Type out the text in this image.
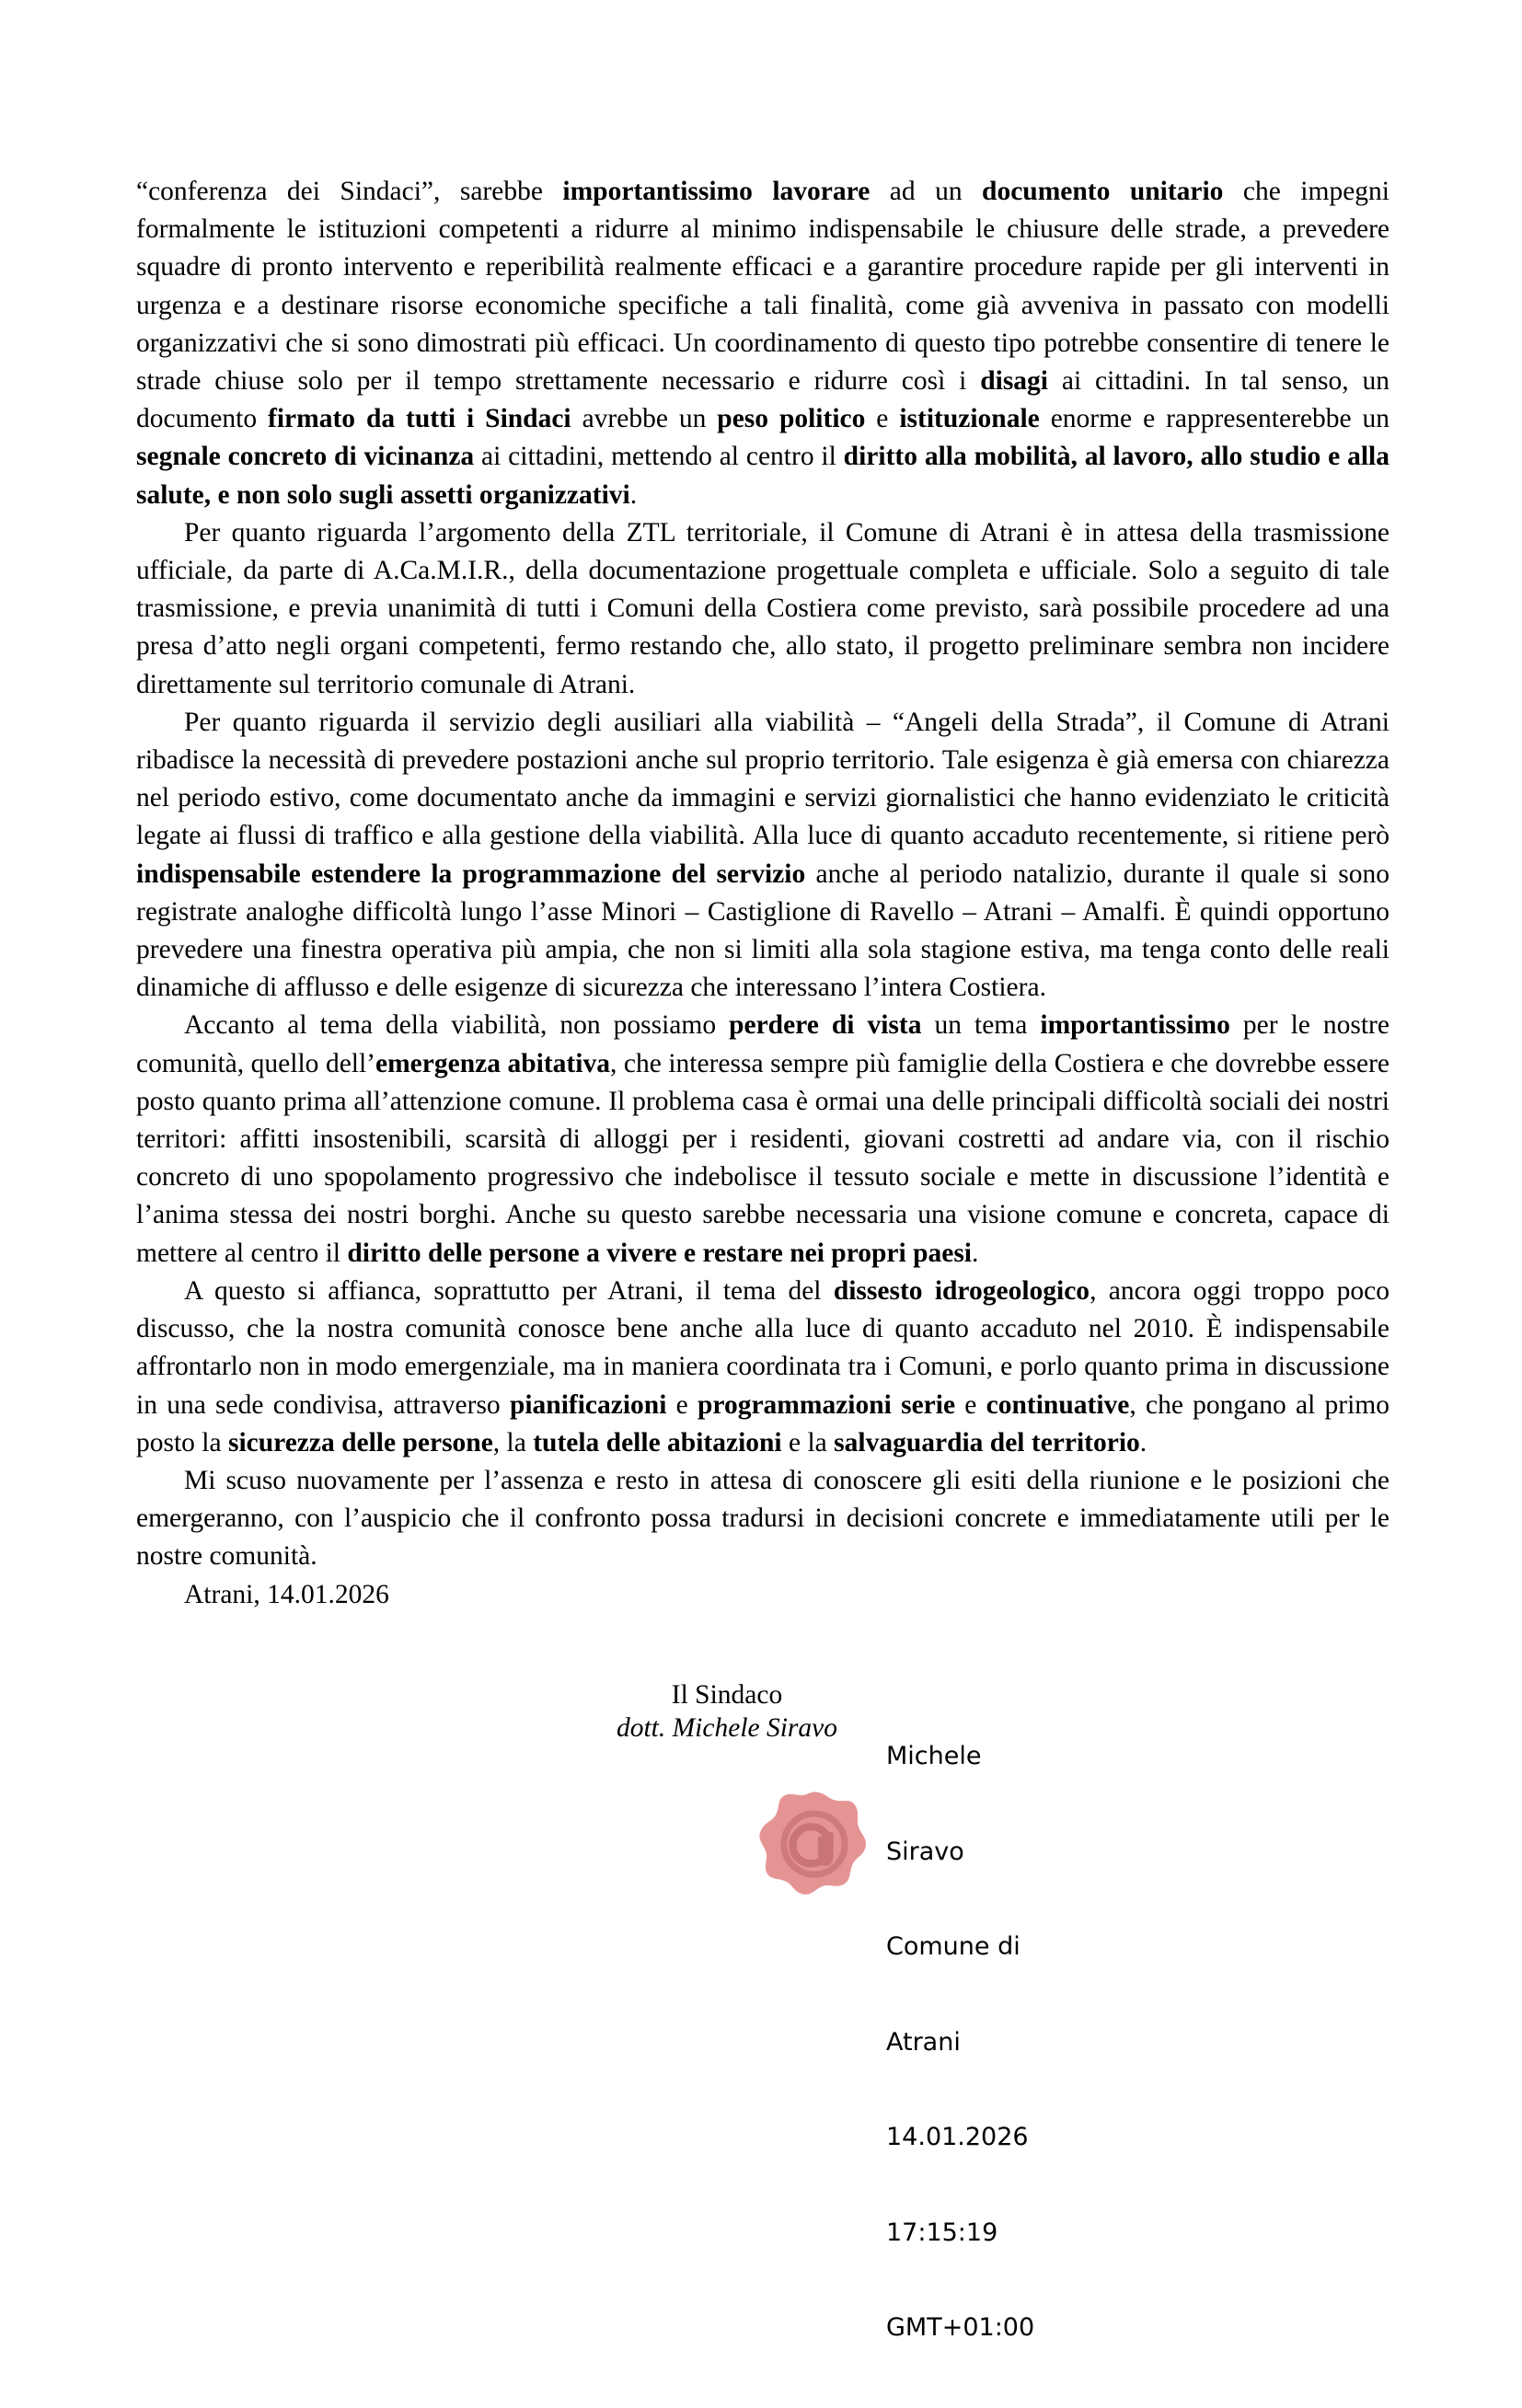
“conferenza dei Sindaci”, sarebbe importantissimo lavorare ad un documento unitario che impegni formalmente le istituzioni competenti a ridurre al minimo indispensabile le chiusure delle strade, a prevedere squadre di pronto intervento e reperibilità realmente efficaci e a garantire procedure rapide per gli interventi in urgenza e a destinare risorse economiche specifiche a tali finalità, come già avveniva in passato con modelli organizzativi che si sono dimostrati più efficaci. Un coordinamento di questo tipo potrebbe consentire di tenere le strade chiuse solo per il tempo strettamente necessario e ridurre così i disagi ai cittadini. In tal senso, un documento firmato da tutti i Sindaci avrebbe un peso politico e istituzionale enorme e rappresenterebbe un segnale concreto di vicinanza ai cittadini, mettendo al centro il diritto alla mobilità, al lavoro, allo studio e alla salute, e non solo sugli assetti organizzativi.

Per quanto riguarda l’argomento della ZTL territoriale, il Comune di Atrani è in attesa della trasmissione ufficiale, da parte di A.Ca.M.I.R., della documentazione progettuale completa e ufficiale. Solo a seguito di tale trasmissione, e previa unanimità di tutti i Comuni della Costiera come previsto, sarà possibile procedere ad una presa d’atto negli organi competenti, fermo restando che, allo stato, il progetto preliminare sembra non incidere direttamente sul territorio comunale di Atrani.

Per quanto riguarda il servizio degli ausiliari alla viabilità – “Angeli della Strada”, il Comune di Atrani ribadisce la necessità di prevedere postazioni anche sul proprio territorio. Tale esigenza è già emersa con chiarezza nel periodo estivo, come documentato anche da immagini e servizi giornalistici che hanno evidenziato le criticità legate ai flussi di traffico e alla gestione della viabilità. Alla luce di quanto accaduto recentemente, si ritiene però indispensabile estendere la programmazione del servizio anche al periodo natalizio, durante il quale si sono registrate analoghe difficoltà lungo l’asse Minori – Castiglione di Ravello – Atrani – Amalfi. È quindi opportuno prevedere una finestra operativa più ampia, che non si limiti alla sola stagione estiva, ma tenga conto delle reali dinamiche di afflusso e delle esigenze di sicurezza che interessano l’intera Costiera.

Accanto al tema della viabilità, non possiamo perdere di vista un tema importantissimo per le nostre comunità, quello dell’emergenza abitativa, che interessa sempre più famiglie della Costiera e che dovrebbe essere posto quanto prima all’attenzione comune. Il problema casa è ormai una delle principali difficoltà sociali dei nostri territori: affitti insostenibili, scarsità di alloggi per i residenti, giovani costretti ad andare via, con il rischio concreto di uno spopolamento progressivo che indebolisce il tessuto sociale e mette in discussione l’identità e l’anima stessa dei nostri borghi. Anche su questo sarebbe necessaria una visione comune e concreta, capace di mettere al centro il diritto delle persone a vivere e restare nei propri paesi.

A questo si affianca, soprattutto per Atrani, il tema del dissesto idrogeologico, ancora oggi troppo poco discusso, che la nostra comunità conosce bene anche alla luce di quanto accaduto nel 2010. È indispensabile affrontarlo non in modo emergenziale, ma in maniera coordinata tra i Comuni, e porlo quanto prima in discussione in una sede condivisa, attraverso pianificazioni e programmazioni serie e continuative, che pongano al primo posto la sicurezza delle persone, la tutela delle abitazioni e la salvaguardia del territorio.

Mi scuso nuovamente per l’assenza e resto in attesa di conoscere gli esiti della riunione e le posizioni che emergeranno, con l’auspicio che il confronto possa tradursi in decisioni concrete e immediatamente utili per le nostre comunità.

Atrani, 14.01.2026

Il Sindaco
dott. Michele Siravo

Michele

Siravo

Comune di

Atrani

14.01.2026

17:15:19

GMT+01:00
